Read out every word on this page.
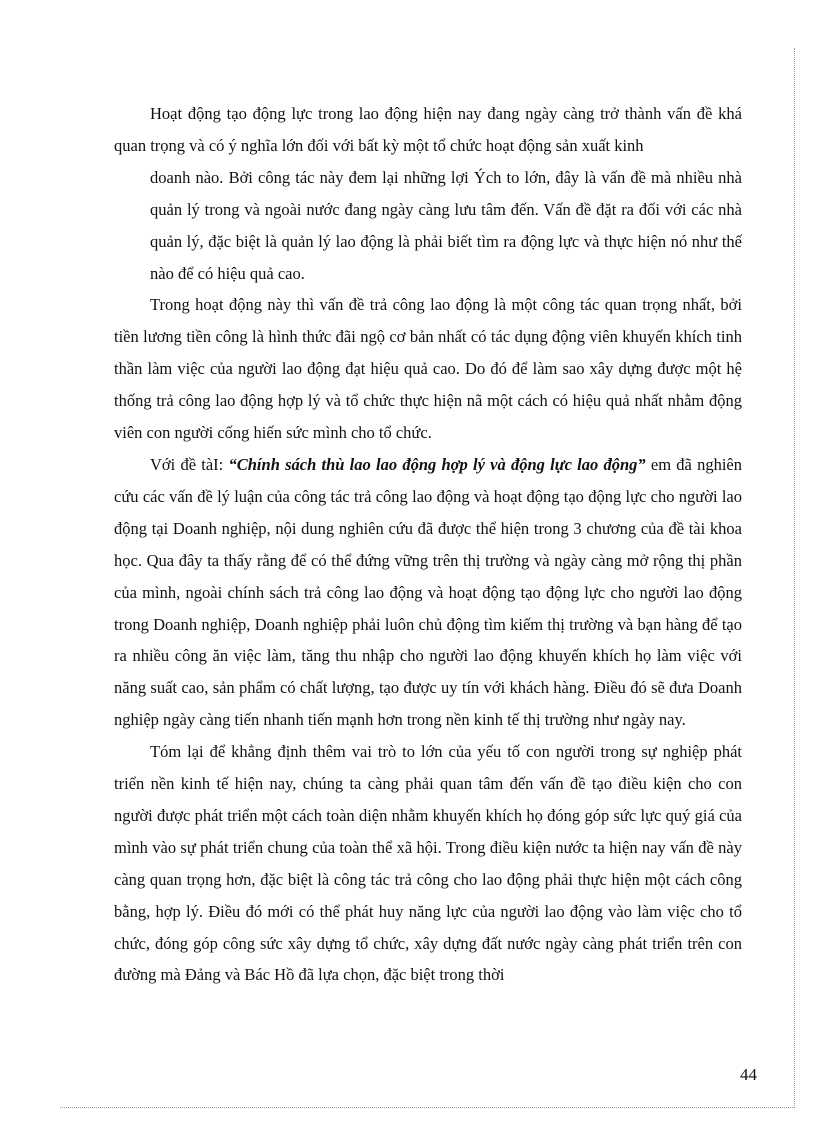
Hoạt động tạo động lực trong lao động hiện nay đang ngày càng trở thành vấn đề khá quan trọng và có ý nghĩa lớn đối với bất kỳ một tổ chức hoạt động sản xuất kinh
doanh nào. Bởi công tác này đem lại những lợi Ých to lớn, đây là vấn đề mà nhiều nhà quản lý trong và ngoài nước đang ngày càng lưu tâm đến. Vấn đề đặt ra đối với các nhà quản lý, đặc biệt là quản lý lao động là phải biết tìm ra động lực và thực hiện nó như thế nào để có hiệu quả cao.

Trong hoạt động này thì vấn đề trả công lao động là một công tác quan trọng nhất, bởi tiền lương tiền công là hình thức đãi ngộ cơ bản nhất có tác dụng động viên khuyến khích tinh thần làm việc của người lao động đạt hiệu quả cao. Do đó để làm sao xây dựng được một hệ thống trả công lao động hợp lý và tổ chức thực hiện nã một cách có hiệu quả nhất nhằm động viên con người cống hiến sức mình cho tổ chức.

Với đề tàI: “Chính sách thù lao lao động hợp lý và động lực lao động” em đã nghiên cứu các vấn đề lý luận của công tác trả công lao động và hoạt động tạo động lực cho người lao động tại Doanh nghiệp, nội dung nghiên cứu đã được thể hiện trong 3 chương của đề tài khoa học. Qua đây ta thấy rằng để có thể đứng vững trên thị trường và ngày càng mở rộng thị phần của mình, ngoài chính sách trả công lao động và hoạt động tạo động lực cho người lao động trong Doanh nghiệp, Doanh nghiệp phải luôn chủ động tìm kiếm thị trường và bạn hàng để tạo ra nhiều công ăn việc làm, tăng thu nhập cho người lao động khuyến khích họ làm việc với năng suất cao, sản phẩm có chất lượng, tạo được uy tín với khách hàng. Điều đó sẽ đưa Doanh nghiệp ngày càng tiến nhanh tiến mạnh hơn trong nền kinh tế thị trường như ngày nay.

Tóm lại để khẳng định thêm vai trò to lớn của yếu tố con người trong sự nghiệp phát triển nền kinh tế hiện nay, chúng ta càng phải quan tâm đến vấn đề tạo điều kiện cho con người được phát triển một cách toàn diện nhằm khuyến khích họ đóng góp sức lực quý giá của mình vào sự phát triển chung của toàn thể xã hội. Trong điều kiện nước ta hiện nay vấn đề này càng quan trọng hơn, đặc biệt là công tác trả công cho lao động phải thực hiện một cách công bằng, hợp lý. Điều đó mới có thể phát huy năng lực của người lao động vào làm việc cho tổ chức, đóng góp công sức xây dựng tổ chức, xây dựng đất nước ngày càng phát triển trên con đường mà Đảng và Bác Hồ đã lựa chọn, đặc biệt trong thời

44
